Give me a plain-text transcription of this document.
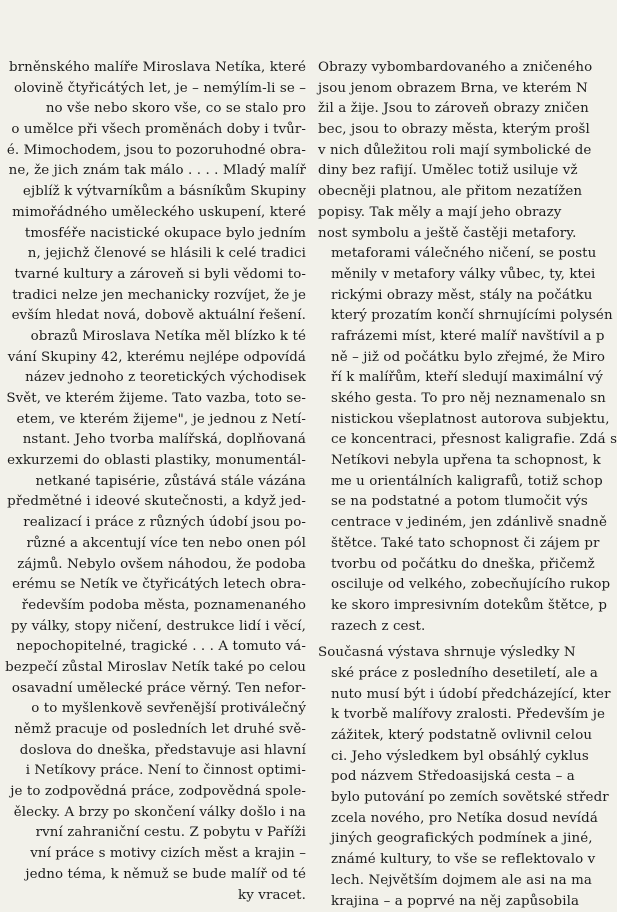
brněnského malíře Miroslava Netíka, které
olovině čtyřicátých let, je – nemýlím-li se –
no vše nebo skoro vše, co se stalo pro
o umělce při všech proměnách doby i tvůr-
é. Mimochodem, jsou to pozoruhodné obra-
ne, že jich znám tak málo . . . . Mladý malíř
ejblíž k výtvarníkům a básníkům Skupiny
mimořádného uměleckého uskupení, které
tmosféře nacistické okupace bylo jedním
n, jejichž členové se hlásili k celé tradici
tvarné kultury a zároveň si byli vědomi to-
tradici nelze jen mechanicky rozvíjet, že je
evším hledat nová, dobově aktuální řešení.
obrazů Miroslava Netíka měl blízko k té
vání Skupiny 42, kterému nejlépe odpovídá
název jednoho z teoretických východisek
Svět, ve kterém žijeme. Tato vazba, toto se-
etem, ve kterém žijeme", je jednou z Netí-
nstant. Jeho tvorba malířská, doplňovaná
exkurzemi do oblasti plastiky, monumentál-
netkané tapisérie, zůstává stále vázána
předmětné i ideové skutečnosti, a když jed-
realizací i práce z různých údobí jsou po-
různé a akcentují více ten nebo onen pól
zájmů. Nebylo ovšem náhodou, že podoba
erému se Netík ve čtyřicátých letech obra-
ředevším podoba města, poznamenaného
py války, stopy ničení, destrukce lidí i věcí,
nepochopitelné, tragické . . . A tomuto vá-
bezpečí zůstal Miroslav Netík také po celou
osavadní umělecké práce věrný. Ten nefor-
o to myšlenkově sevřenější protiválečný
němž pracuje od posledních let druhé svě-
doslova do dneška, představuje asi hlavní
i Netíkovy práce. Není to činnost optimi-
je to zodpovědná práce, zodpovědná spole-
ělecky. A brzy po skončení války došlo i na
rvní zahraniční cestu. Z pobytu v Paříži
vní práce s motivy cizích měst a krajin –
jedno téma, k němuž se bude malíř od té
ky vracet.
Obrazy vybombardovaného a zničeného
jsou jenom obrazem Brna, ve kterém N
žil a žije. Jsou to zároveň obrazy zničen
bec, jsou to obrazy města, kterým prošl
v nich důležitou roli mají symbolické de
diny bez rafijí. Umělec totiž usiluje vž
obecněji platnou, ale přitom nezatížen
popisy. Tak měly a mají jeho obrazy
nost symbolu a ještě častěji metafory.
metaforami válečného ničení, se postu
měnily v metafory války vůbec, ty, ktei
rickými obrazy měst, stály na počátku
který prozatím končí shrnujícími polysén
rafrázemi míst, které malíř navštívil a p
ně – již od počátku bylo zřejmé, že Miro
ří k malířům, kteří sledují maximální vý
ského gesta. To pro něj neznamenalo sn
nistickou všeplatnost autorova subjektu,
ce koncentraci, přesnost kaligrafie. Zdá s
Netíkovi nebyla upřena ta schopnost, k
me u orientálních kaligrafů, totiž schop
se na podstatné a potom tlumočit výs
centrace v jediném, jen zdánlivě snadně
štětce. Také tato schopnost či zájem pr
tvorbu od počátku do dneška, přičemž
osciluje od velkého, zobecňujícího rukop
ke skoro impresivním dotekům štětce, p
razech z cest.
Současná výstava shrnuje výsledky N
ské práce z posledního desetiletí, ale a
nuto musí být i údobí předcházející, kter
k tvorbě malířovy zralosti. Především je
zážitek, který podstatně ovlivnil celou
ci. Jeho výsledkem byl obsáhlý cyklus
pod názvem Středoasijská cesta – a
bylo putování po zemích sovětské středr
zcela nového, pro Netíka dosud nevídá
jiných geografických podmínek a jiné,
známé kultury, to vše se reflektovalo v
lech. Největším dojmem ale asi na ma
krajina – a poprvé na něj zapůsobila
